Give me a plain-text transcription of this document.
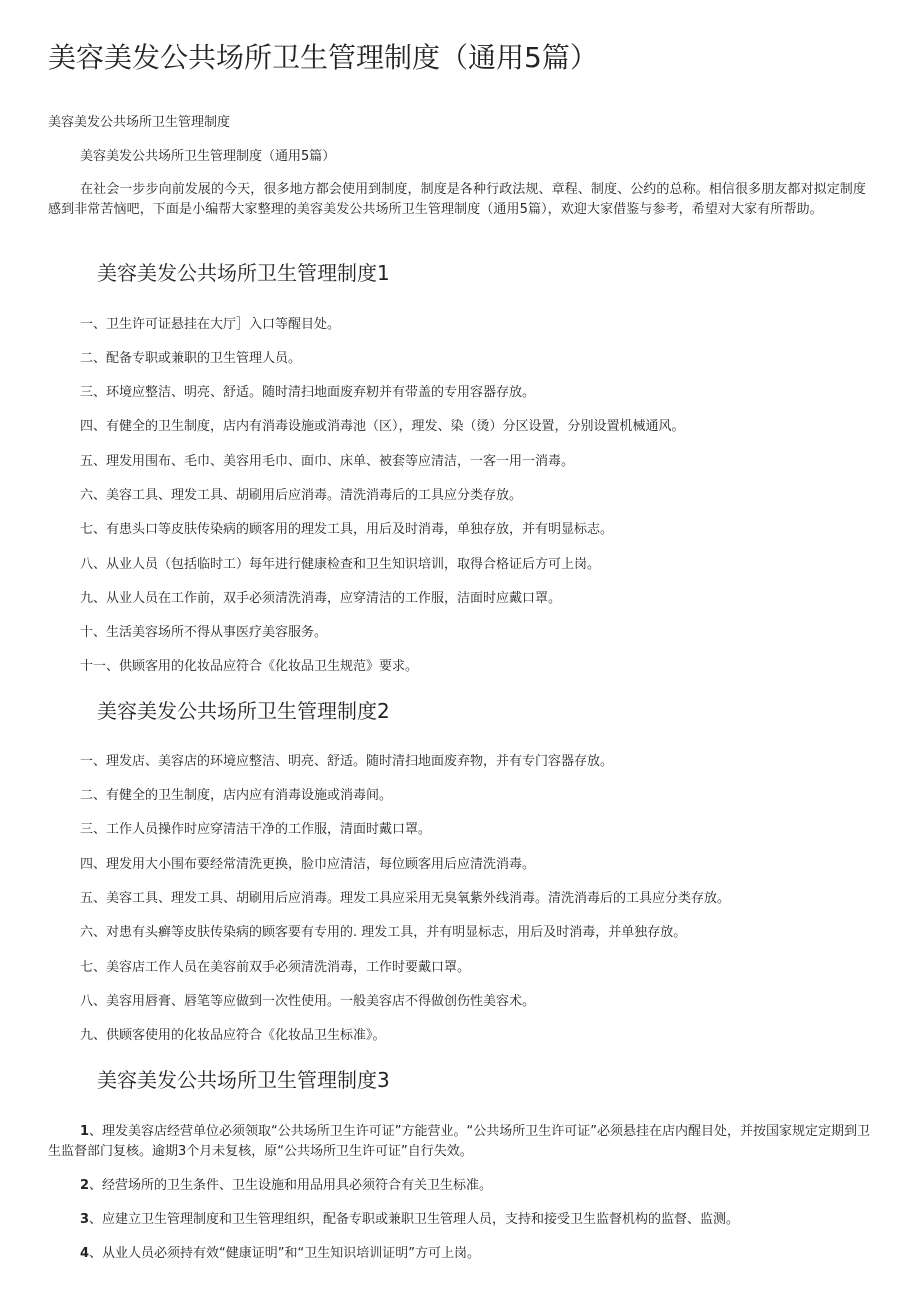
美容美发公共场所卫生管理制度（通用5篇）

美容美发公共场所卫生管理制度

美容美发公共场所卫生管理制度（通用5篇）

在社会一步步向前发展的今天，很多地方都会使用到制度，制度是各种行政法规、章程、制度、公约的总称。相信很多朋友都对拟定制度感到非常苦恼吧，下面是小编帮大家整理的美容美发公共场所卫生管理制度（通用5篇），欢迎大家借鉴与参考，希望对大家有所帮助。

美容美发公共场所卫生管理制度1

一、卫生许可证悬挂在大厅］入口等醒目处。

二、配备专职或兼职的卫生管理人员。

三、环境应整洁、明亮、舒适。随时清扫地面废弃籾并有带盖的专用容器存放。

四、有健全的卫生制度，店内有消毒设施或消毒池（区），理发、染（烫）分区设置，分别设置机械通风。

五、理发用围布、毛巾、美容用毛巾、面巾、床单、被套等应清洁，一客一用一消毒。

六、美容工具、理发工具、胡刷用后应消毒。清洗消毒后的工具应分类存放。

七、有患头口等皮肤传染病的顾客用的理发工具，用后及时消毒，单独存放，并有明显标志。

八、从业人员（包括临时工）每年进行健康检查和卫生知识培训，取得合格证后方可上岗。

九、从业人员在工作前，双手必须清洗消毒，应穿清洁的工作服，洁面时应戴口罩。

十、生活美容场所不得从事医疗美容服务。

十一、供顾客用的化妆品应符合《化妆品卫生规范》要求。

美容美发公共场所卫生管理制度2

一、理发店、美容店的环境应整洁、明亮、舒适。随时清扫地面废弃物，并有专门容器存放。

二、有健全的卫生制度，店内应有消毒设施或消毒间。

三、工作人员操作时应穿清洁干净的工作服，清面时戴口罩。

四、理发用大小围布要经常清洗更换，脸巾应清洁，每位顾客用后应清洗消毒。

五、美容工具、理发工具、胡刷用后应消毒。理发工具应采用无臭氧紫外线消毒。清洗消毒后的工具应分类存放。

六、对患有头癣等皮肤传染病的顾客要有专用的. 理发工具，并有明显标志，用后及时消毒，并单独存放。

七、美容店工作人员在美容前双手必须清洗消毒，工作时要戴口罩。

八、美容用唇膏、唇笔等应做到一次性使用。一般美容店不得做创伤性美容术。

九、供顾客使用的化妆品应符合《化妆品卫生标准》。

美容美发公共场所卫生管理制度3

1、理发美容店经营单位必须领取“公共场所卫生许可证”方能营业。“公共场所卫生许可证”必须悬挂在店内醒目处，并按国家规定定期到卫生监督部门复核。逾期3个月未复核，原“公共场所卫生许可证”自行失效。

2、经营场所的卫生条件、卫生设施和用品用具必须符合有关卫生标准。

3、应建立卫生管理制度和卫生管理组织，配备专职或兼职卫生管理人员，支持和接受卫生监督机构的监督、监测。

4、从业人员必须持有效“健康证明”和“卫生知识培训证明”方可上岗。
